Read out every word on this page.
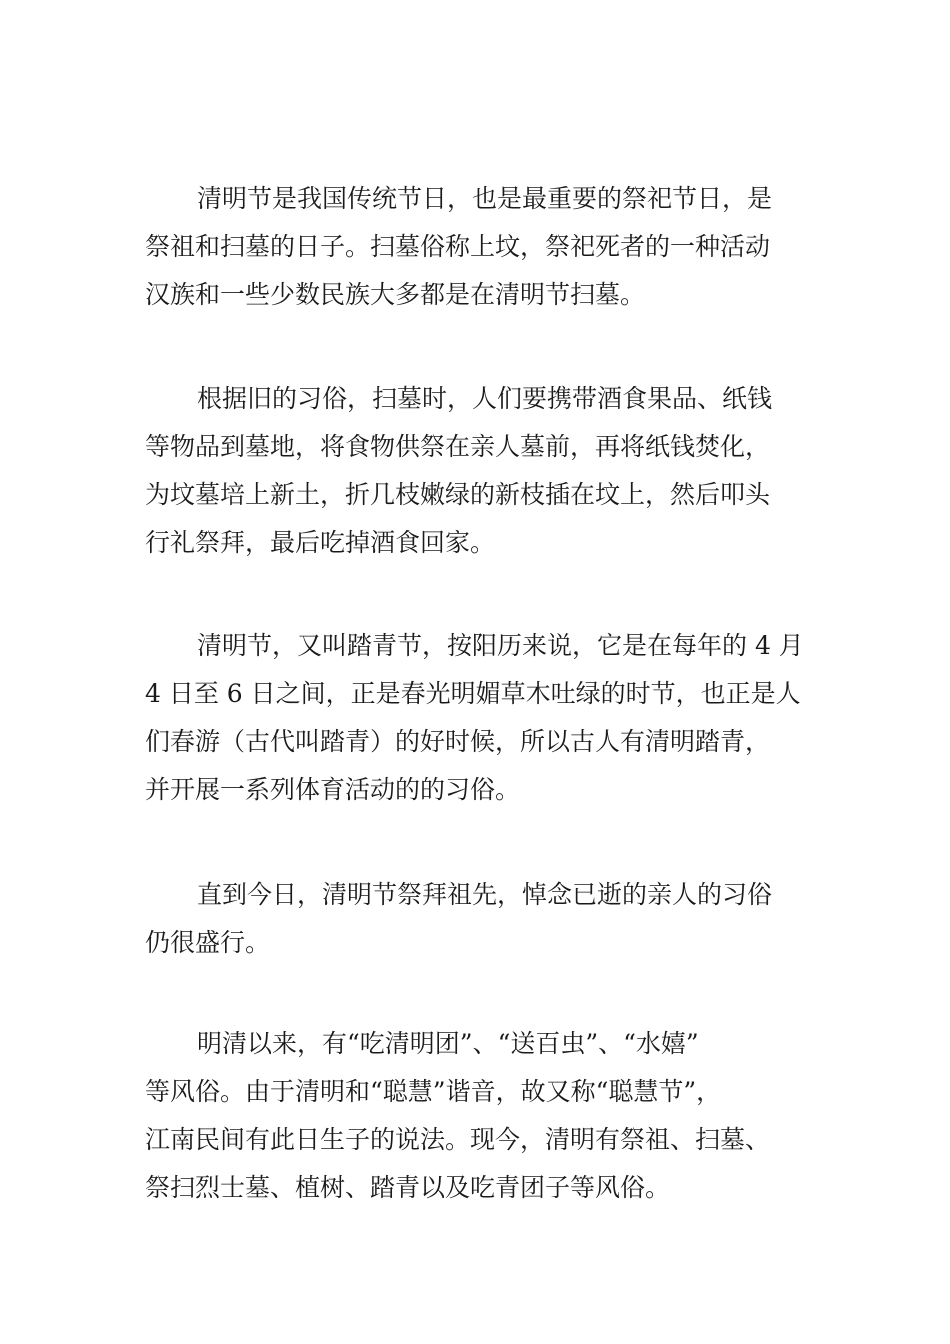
清明节是我国传统节日，也是最重要的祭祀节日，是
祭祖和扫墓的日子。扫墓俗称上坟，祭祀死者的一种活动
汉族和一些少数民族大多都是在清明节扫墓。

根据旧的习俗，扫墓时，人们要携带酒食果品、纸钱
等物品到墓地，将食物供祭在亲人墓前，再将纸钱焚化，
为坟墓培上新土，折几枝嫩绿的新枝插在坟上，然后叩头
行礼祭拜，最后吃掉酒食回家。

清明节，又叫踏青节，按阳历来说，它是在每年的 4 月
4 日至 6 日之间，正是春光明媚草木吐绿的时节，也正是人
们春游（古代叫踏青）的好时候，所以古人有清明踏青，
并开展一系列体育活动的的习俗。

直到今日，清明节祭拜祖先，悼念已逝的亲人的习俗
仍很盛行。

明清以来，有“吃清明团”、“送百虫”、“水嬉”
等风俗。由于清明和“聪慧”谐音，故又称“聪慧节”，
江南民间有此日生子的说法。现今，清明有祭祖、扫墓、
祭扫烈士墓、植树、踏青以及吃青团子等风俗。
